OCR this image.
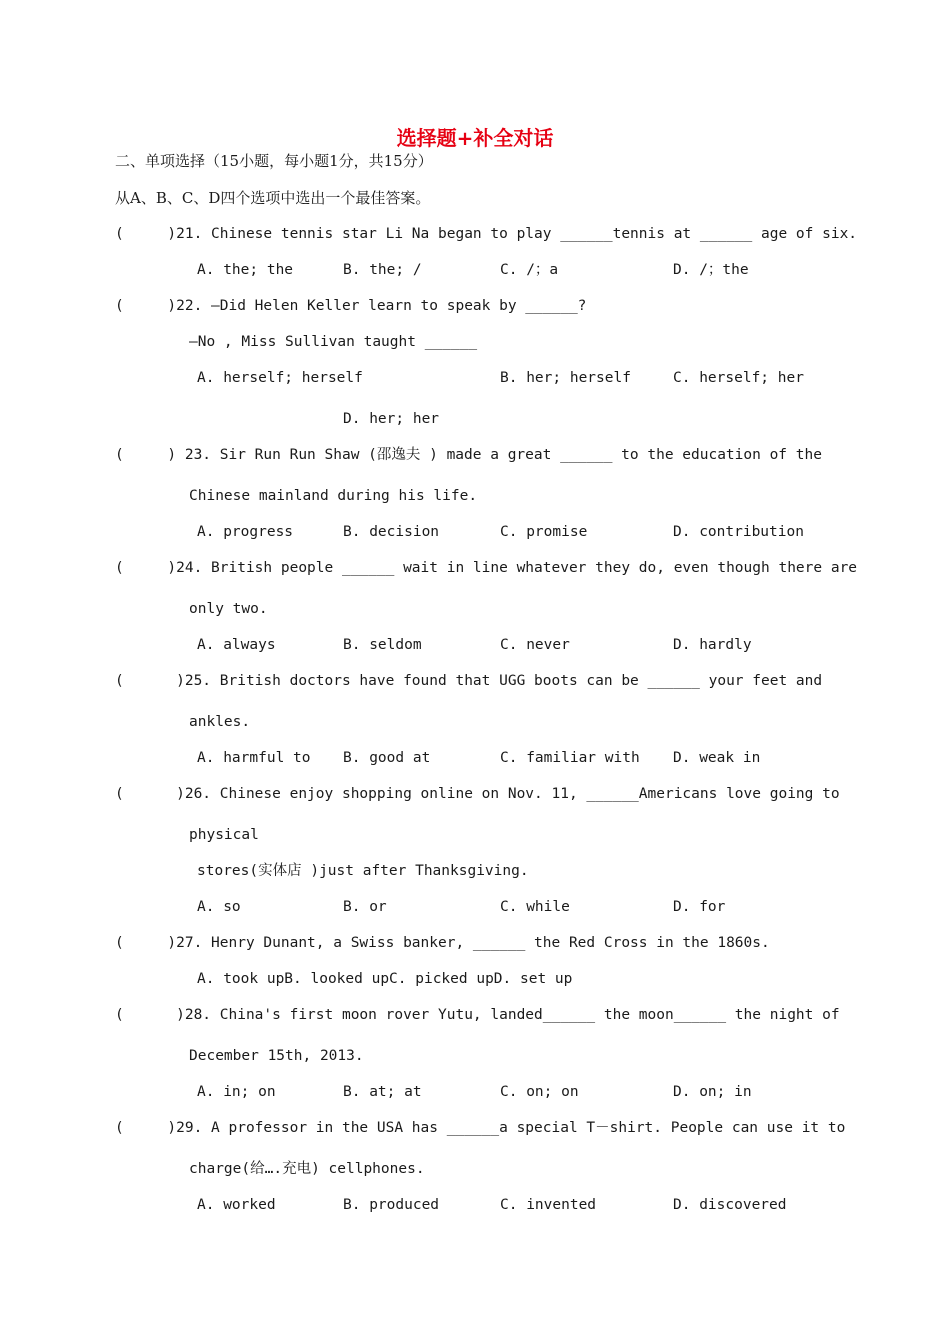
选择题+补全对话
二、单项选择（15小题，每小题1分，共15分）
从A、B、C、D四个选项中选出一个最佳答案。
(     )21. Chinese tennis star Li Na began to play ______tennis at ______ age of six.
A. the; the	B. the; /	C. /；a	D. /；the
(     )22. —Did Helen Keller learn to speak by ______?
—No , Miss Sullivan taught ______
A. herself; herself	B. her; herself	C. herself; her
D. her; her
(     ) 23. Sir Run Run Shaw (邵逸夫 ) made a great ______ to the education of the
Chinese mainland during his life.
A. progress	B. decision	C. promise	D. contribution
(     )24. British people ______ wait in line whatever they do, even though there are
only two.
A. always	B. seldom	C. never	D. hardly
(      )25. British doctors have found that UGG boots can be ______ your feet and
ankles.
A. harmful to B. good at	C. familiar with D. weak in
(      )26. Chinese enjoy shopping online on Nov. 11, ______Americans love going to
physical
stores(实体店 )just after Thanksgiving.
A. so	B. or	C. while	D. for
(     )27. Henry Dunant, a Swiss banker, ______ the Red Cross in the 1860s.
A. took upB. looked upC. picked upD. set up
(      )28. China's first moon rover Yutu, landed______ the moon______ the night of
December 15th, 2013.
A. in; on	B. at; at	C. on; on	D. on; in
(     )29. A professor in the USA has ______a special T－shirt. People can use it to
charge(给….充电) cellphones.
A. worked	B. produced	C. invented	D. discovered
